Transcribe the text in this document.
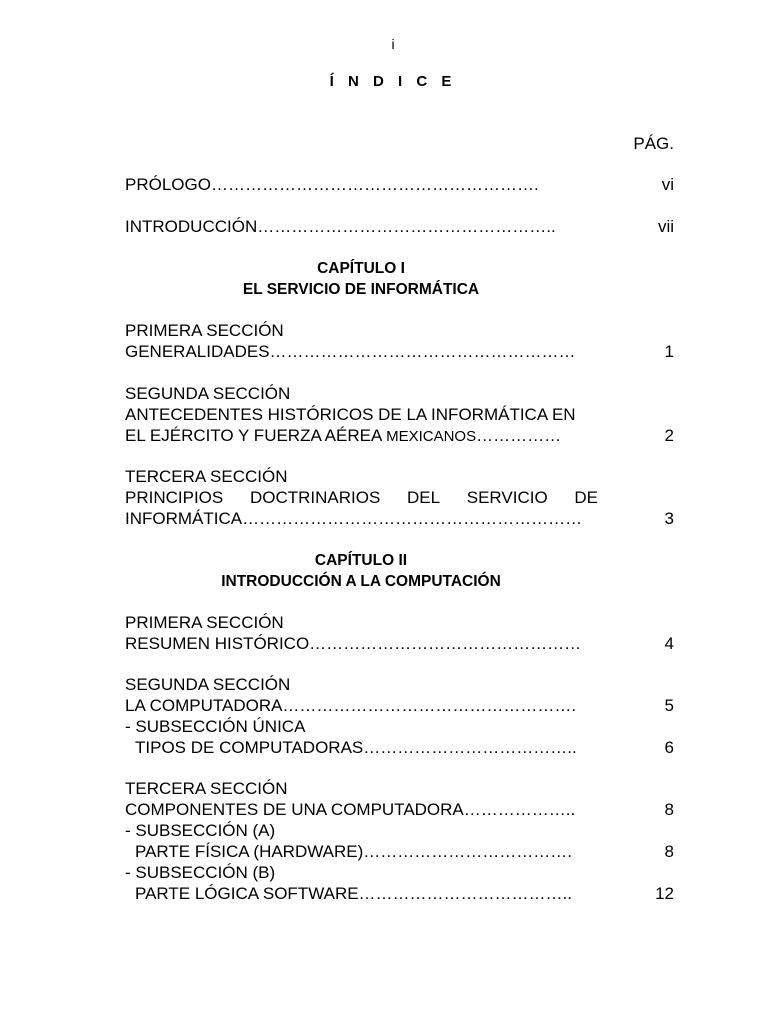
i
Í N D I C E
PÁG.
PRÓLOGO………………………………………………….	vi
INTRODUCCIÓN……………………………………………..	vii
CAPÍTULO I
EL SERVICIO DE INFORMÁTICA
PRIMERA SECCIÓN
GENERALIDADES………………………………………………	1
SEGUNDA SECCIÓN
ANTECEDENTES HISTÓRICOS DE LA INFORMÁTICA EN
EL EJÉRCITO Y FUERZA AÉREA MEXICANOS……………	2
TERCERA SECCIÓN
PRINCIPIOS DOCTRINARIOS DEL SERVICIO DE
INFORMÁTICA……………………………………………………	3
CAPÍTULO II
INTRODUCCIÓN A LA COMPUTACIÓN
PRIMERA SECCIÓN
RESUMEN HISTÓRICO…………………………………………	4
SEGUNDA SECCIÓN
LA COMPUTADORA…………………………………………….	5
- SUBSECCIÓN ÚNICA
TIPOS DE COMPUTADORAS………………………………..	6
TERCERA SECCIÓN
COMPONENTES DE UNA COMPUTADORA………………..	8
- SUBSECCIÓN (A)
PARTE FÍSICA (HARDWARE)……………………………….	8
- SUBSECCIÓN (B)
PARTE LÓGICA SOFTWARE………………………………..	12
